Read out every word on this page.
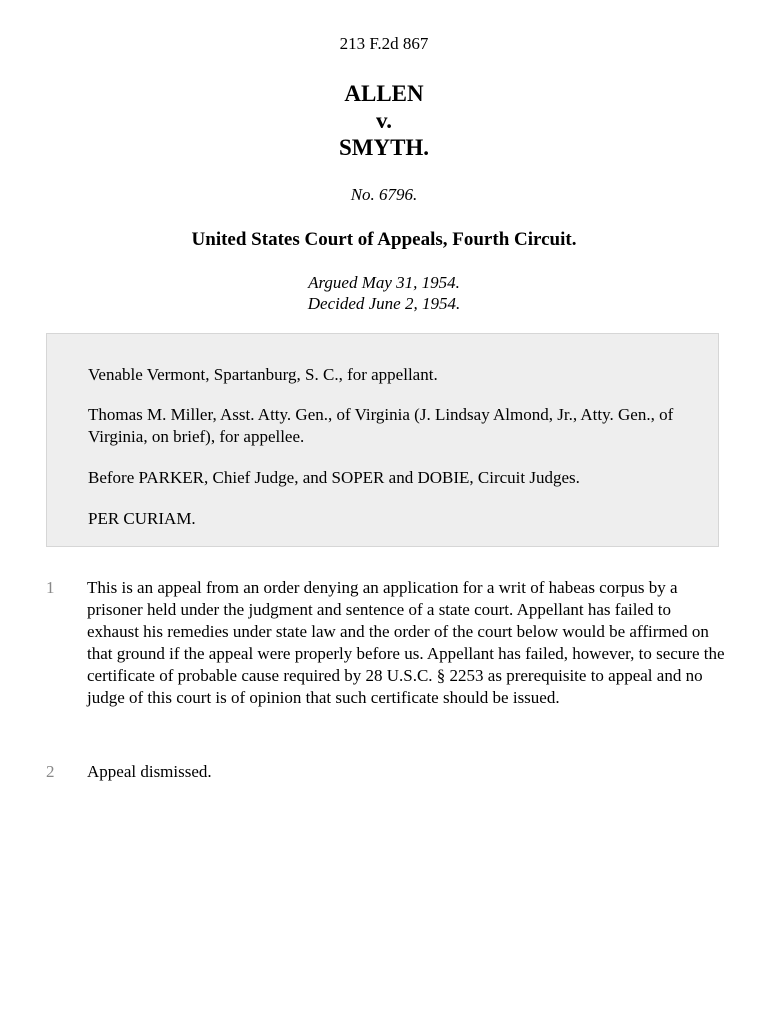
213 F.2d 867
ALLEN
v.
SMYTH.
No. 6796.
United States Court of Appeals, Fourth Circuit.
Argued May 31, 1954.
Decided June 2, 1954.

Venable Vermont, Spartanburg, S. C., for appellant.

Thomas M. Miller, Asst. Atty. Gen., of Virginia (J. Lindsay Almond, Jr., Atty. Gen., of Virginia, on brief), for appellee.

Before PARKER, Chief Judge, and SOPER and DOBIE, Circuit Judges.

PER CURIAM.

1 This is an appeal from an order denying an application for a writ of habeas corpus by a prisoner held under the judgment and sentence of a state court. Appellant has failed to exhaust his remedies under state law and the order of the court below would be affirmed on that ground if the appeal were properly before us. Appellant has failed, however, to secure the certificate of probable cause required by 28 U.S.C. § 2253 as prerequisite to appeal and no judge of this court is of opinion that such certificate should be issued.
2 Appeal dismissed.
